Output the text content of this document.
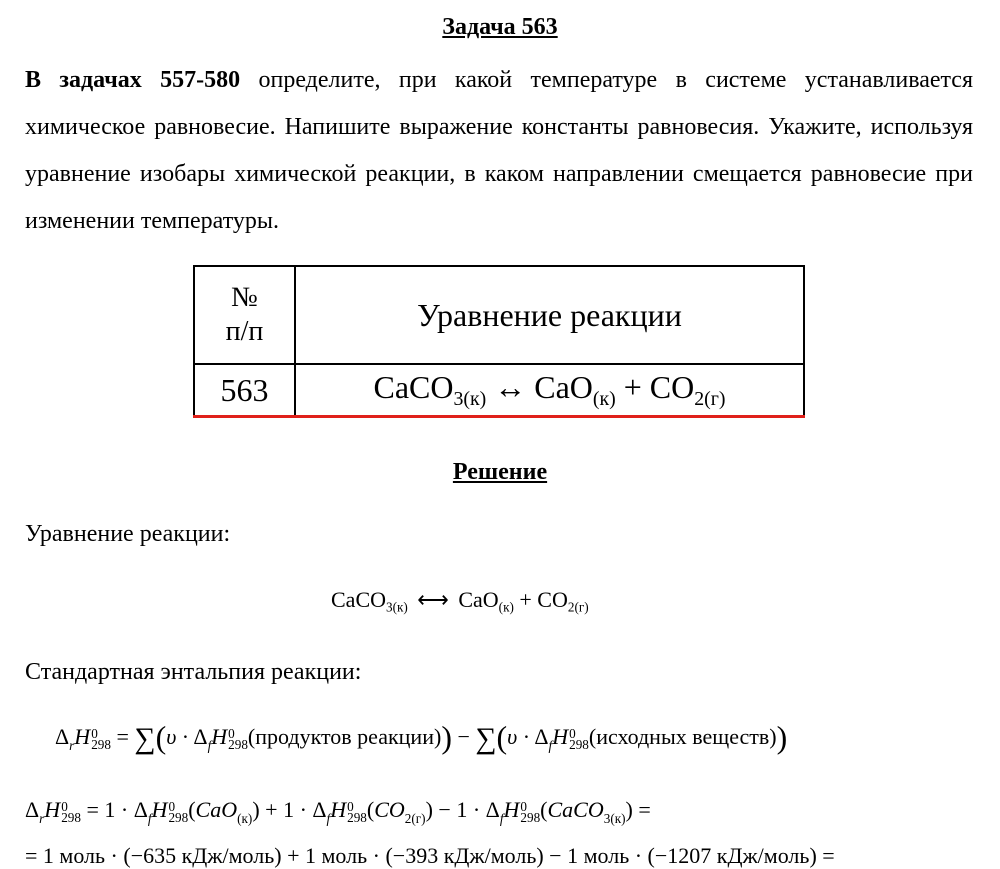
Задача 563
В задачах 557-580 определите, при какой температуре в системе устанавливается химическое равновесие. Напишите выражение константы равновесия. Укажите, используя уравнение изобары химической реакции, в каком направлении смещается равновесие при изменении температуры.
№
п/п	Уравнение реакции
563	CaCO$_{3(к)}$ ↔ $CaO_{(к)} + CO_{2(г)}$
Решение
Уравнение реакции:
CaCO$_{3(к)}$ ⟷ $CaO_{(к)} + CO_{2(г)}$
Стандартная энтальпия реакции:
$\Delta_rH$ 0
$298 = \sum(\upsilon \cdot \Delta_fH$ 0
298 (продуктов реакции)) − $\sum(\upsilon \cdot \Delta_fH$ 0
298 (исходных веществ))
$\Delta_rH$ 0
$298 = 1 \cdot \Delta_fH$ 0
298 $(CaO_{(к)}) + 1 \cdot \Delta_fH$ 0
298 $(CO_{2(г)}) - 1 \cdot \Delta_fH$ 0
298 (CaCO$_{3(к)}$) =
= 1 моль · (−635 кДж/моль) + 1 моль · (−393 кДж/моль) − 1 моль · (−1207 кДж/моль) =
